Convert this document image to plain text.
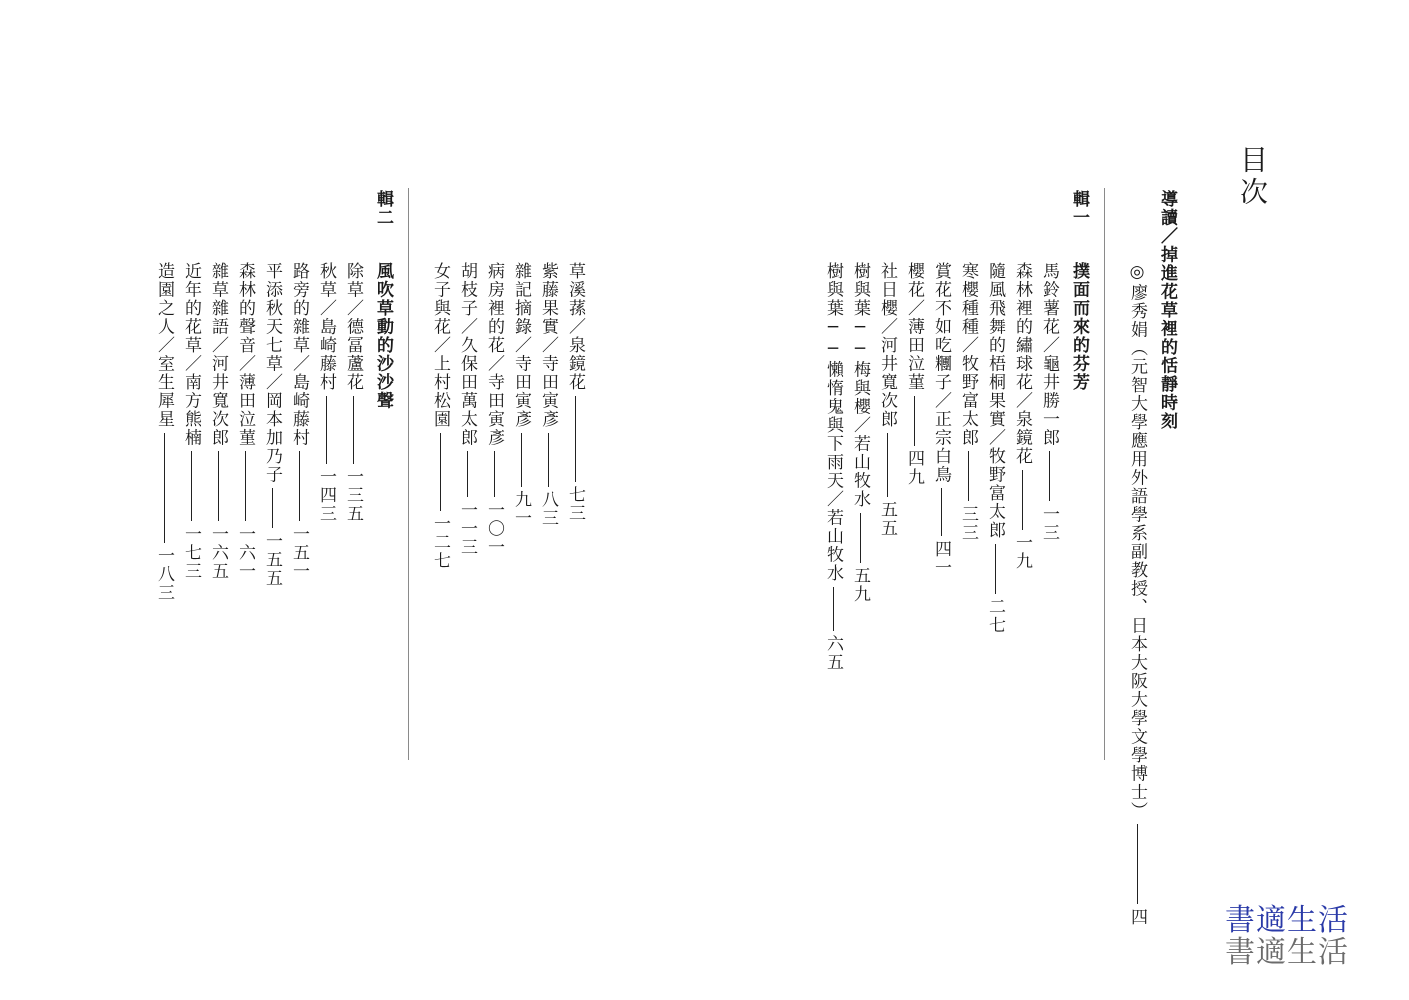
目次
導讀／掉進花草裡的恬靜時刻
◎廖秀娟（元智大學應用外語學系副教授、日本大阪大學文學博士）四
輯一
撲面而來的芬芳
馬鈴薯花／龜井勝一郎一三
森林裡的繡球花／泉鏡花一九
隨風飛舞的梧桐果實／牧野富太郎二七
寒櫻種種／牧野富太郎三三
賞花不如吃糰子／正宗白鳥四一
櫻花／薄田泣菫四九
社日櫻／河井寬次郎五五
樹與葉──梅與櫻／若山牧水五九
樹與葉──懶惰鬼與下雨天／若山牧水六五
草溪蓀／泉鏡花七三
紫藤果實／寺田寅彥八三
雜記摘錄／寺田寅彥九一
病房裡的花／寺田寅彥一〇一
胡枝子／久保田萬太郎一一三
女子與花／上村松園一二七
輯二
風吹草動的沙沙聲
除草／德冨蘆花一三五
秋草／島崎藤村一四三
路旁的雜草／島崎藤村一五一
平添秋天七草／岡本加乃子一五五
森林的聲音／薄田泣菫一六一
雜草雜語／河井寬次郎一六五
近年的花草／南方熊楠一七三
造園之人／室生犀星一八三
書適生活
書適生活
